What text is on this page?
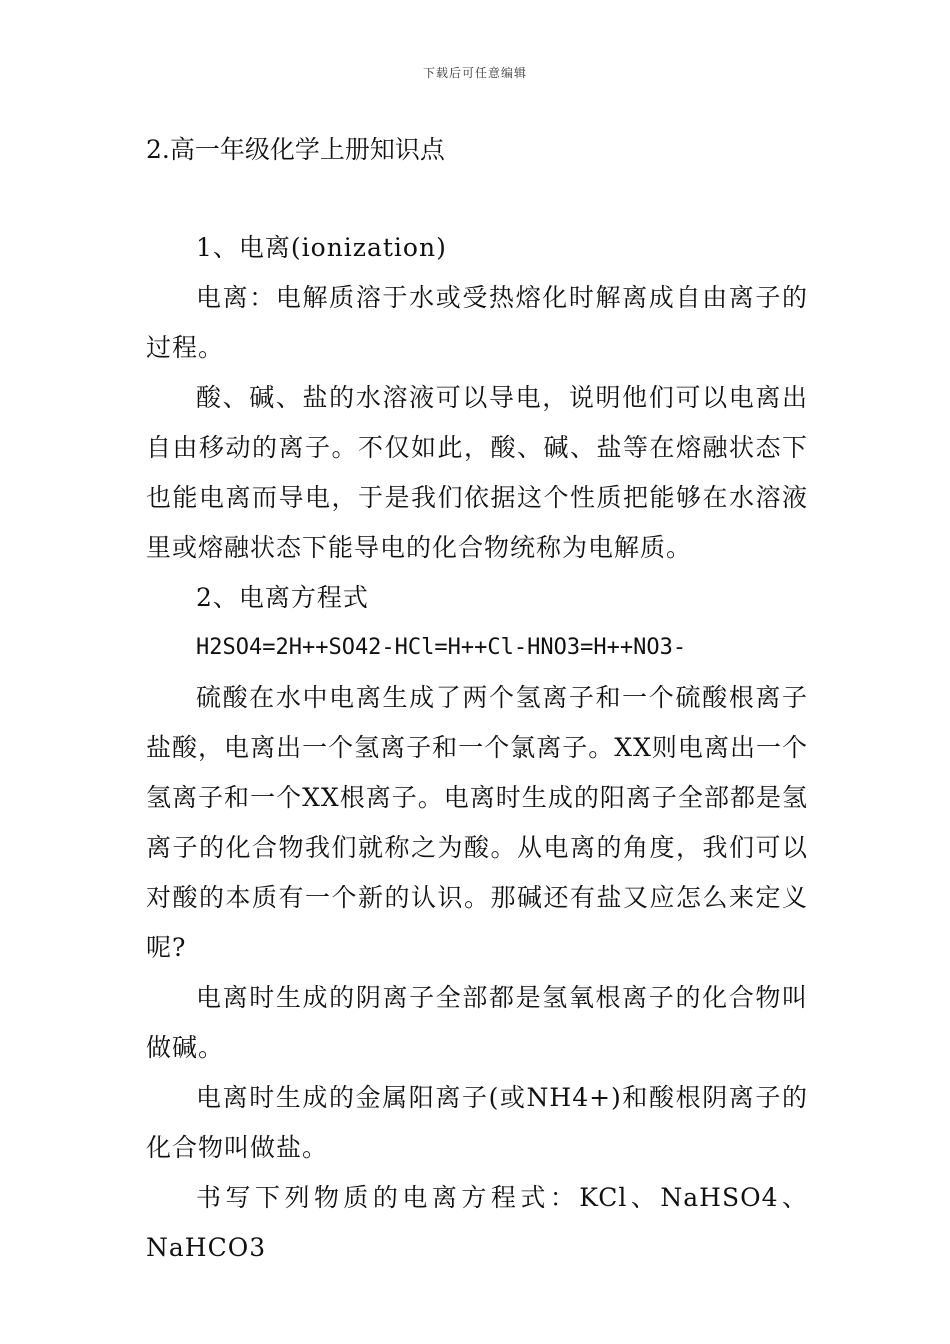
下载后可任意编辑
2.高一年级化学上册知识点
1、电离(ionization)
电离：电解质溶于水或受热熔化时解离成自由离子的过程。
酸、碱、盐的水溶液可以导电，说明他们可以电离出自由移动的离子。不仅如此，酸、碱、盐等在熔融状态下也能电离而导电，于是我们依据这个性质把能够在水溶液里或熔融状态下能导电的化合物统称为电解质。
2、电离方程式
H2SO4=2H++SO42-HCl=H++Cl-HNO3=H++NO3-
硫酸在水中电离生成了两个氢离子和一个硫酸根离子盐酸，电离出一个氢离子和一个氯离子。XX则电离出一个氢离子和一个XX根离子。电离时生成的阳离子全部都是氢离子的化合物我们就称之为酸。从电离的角度，我们可以对酸的本质有一个新的认识。那碱还有盐又应怎么来定义呢?
电离时生成的阴离子全部都是氢氧根离子的化合物叫做碱。
电离时生成的金属阳离子(或NH4+)和酸根阴离子的化合物叫做盐。
书写下列物质的电离方程式：KCl、NaHSO4、NaHCO3
